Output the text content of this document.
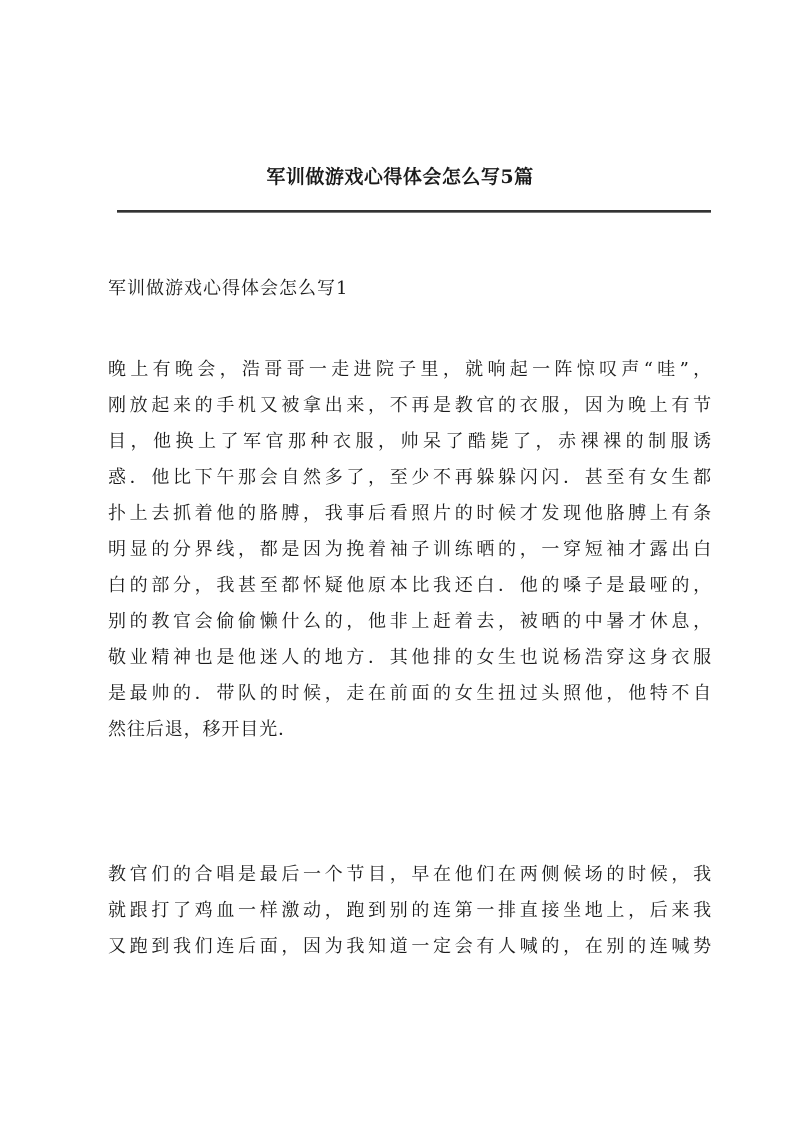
军训做游戏心得体会怎么写5篇
军训做游戏心得体会怎么写1

晚上有晚会，浩哥哥一走进院子里，就响起一阵惊叹声“哇”，
刚放起来的手机又被拿出来，不再是教官的衣服，因为晚上有节
目，他换上了军官那种衣服，帅呆了酷毙了，赤裸裸的制服诱
惑．他比下午那会自然多了，至少不再躲躲闪闪．甚至有女生都
扑上去抓着他的胳膊，我事后看照片的时候才发现他胳膊上有条
明显的分界线，都是因为挽着袖子训练晒的，一穿短袖才露出白
白的部分，我甚至都怀疑他原本比我还白．他的嗓子是最哑的，
别的教官会偷偷懒什么的，他非上赶着去，被晒的中暑才休息，
敬业精神也是他迷人的地方．其他排的女生也说杨浩穿这身衣服
是最帅的．带队的时候，走在前面的女生扭过头照他，他特不自
然往后退，移开目光．

教官们的合唱是最后一个节目，早在他们在两侧候场的时候，我
就跟打了鸡血一样激动，跑到别的连第一排直接坐地上，后来我
又跑到我们连后面，因为我知道一定会有人喊的，在别的连喊势
